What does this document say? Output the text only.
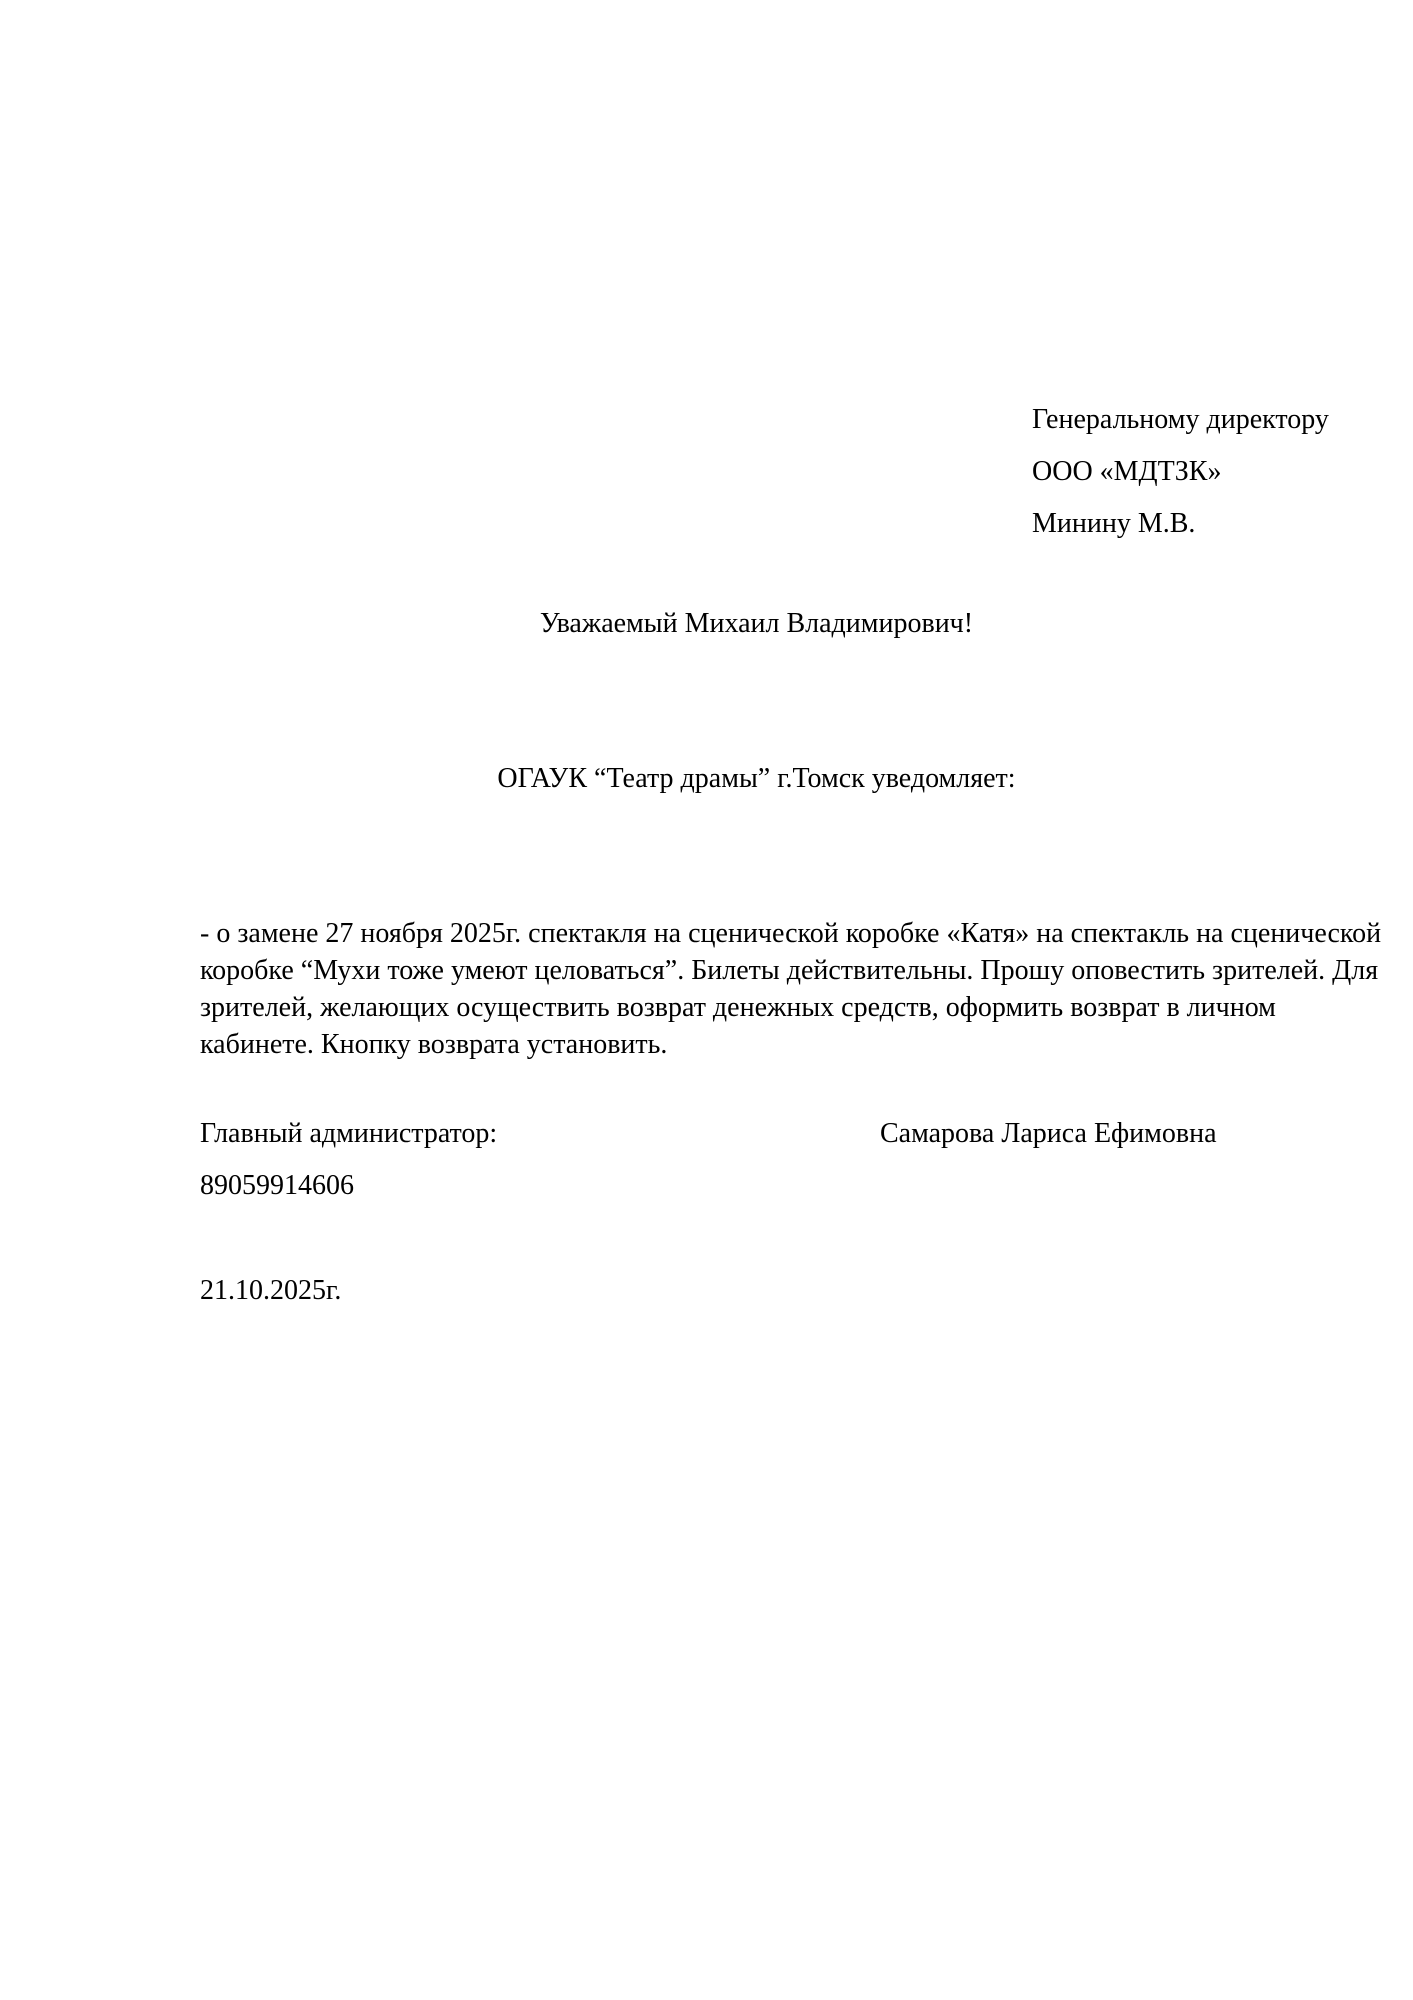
Генеральному директору

ООО «МДТЗК»

Минину М.В.

Уважаемый Михаил Владимирович!

ОГАУК “Театр драмы” г.Томск уведомляет:

- о замене 27 ноября 2025г. спектакля на сценической коробке «Катя» на спектакль на сценической
коробке “Мухи тоже умеют целоваться”. Билеты действительны. Прошу оповестить зрителей. Для
зрителей, желающих осуществить возврат денежных средств, оформить возврат в личном
кабинете. Кнопку возврата установить.
Главный администратор:	Самарова Лариса Ефимовна

89059914606

21.10.2025г.
